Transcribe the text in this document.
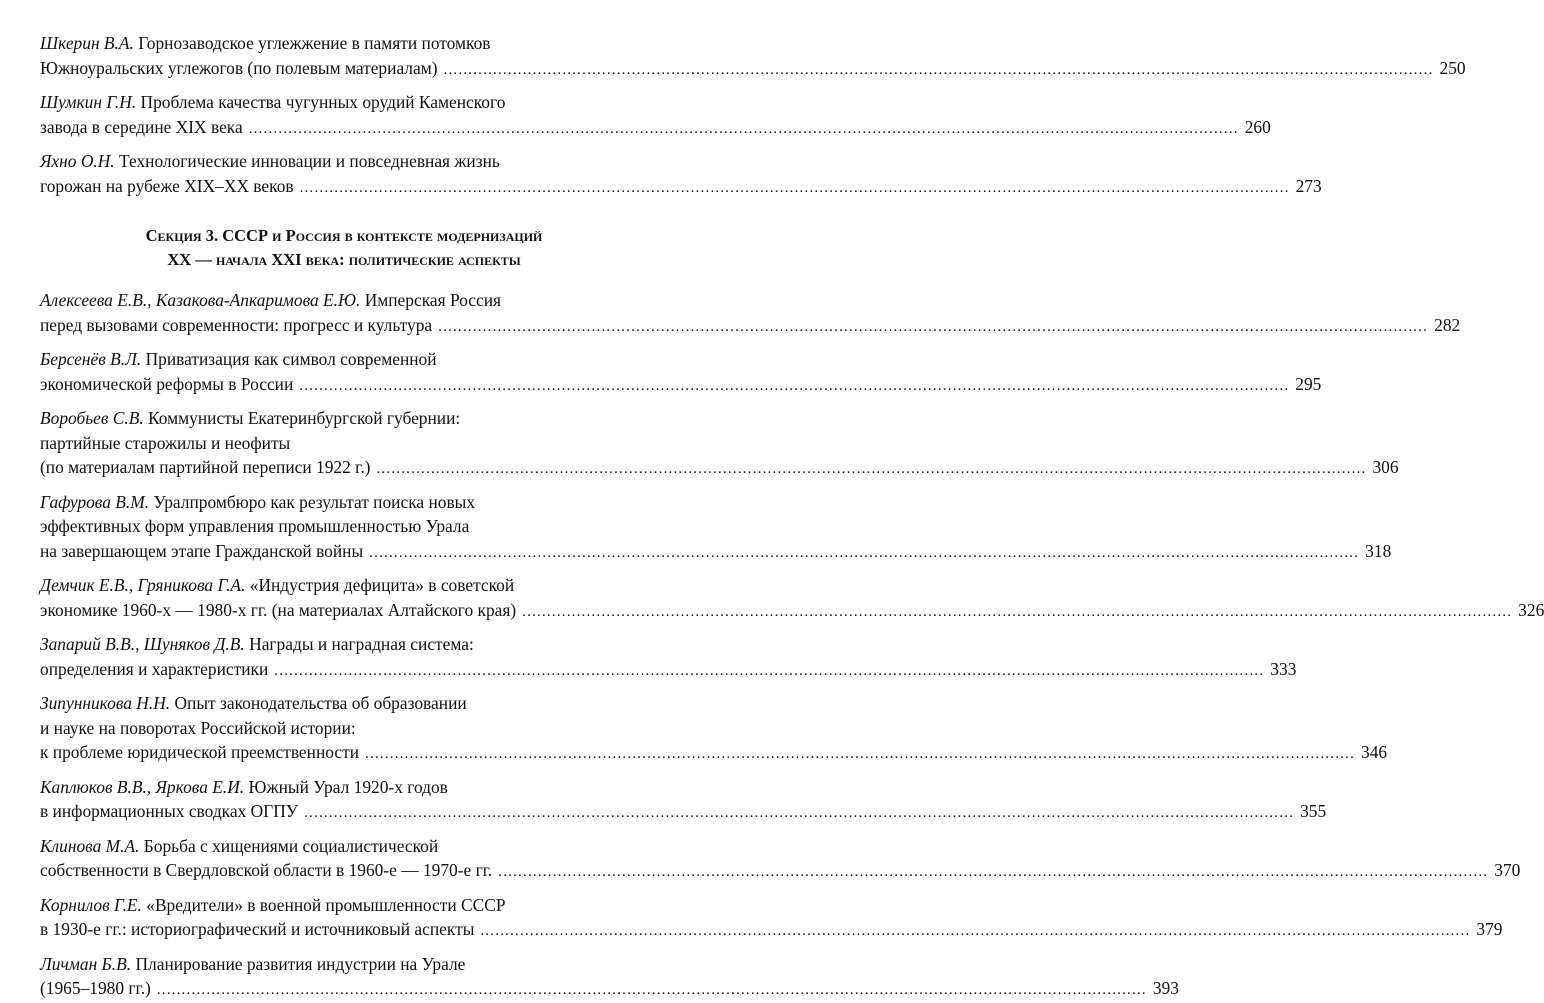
Шкерин В.А. Горнозаводское углежжение в памяти потомков
Южноуральских углежогов (по полевым материалам) ........................................................................................................................................................................................................ 250
Шумкин Г.Н. Проблема качества чугунных орудий Каменского
завода в середине XIX века ........................................................................................................................................................................................................ 260
Яхно О.Н. Технологические инновации и повседневная жизнь
горожан на рубеже XIX–XX веков ........................................................................................................................................................................................................ 273
Секция 3. СССР и Россия в контексте модернизаций
XX — начала XXI века: политические аспекты
Алексеева Е.В., Казакова-Апкаримова Е.Ю. Имперская Россия
перед вызовами современности: прогресс и культура ........................................................................................................................................................................................................ 282
Берсенёв В.Л. Приватизация как символ современной
экономической реформы в России ........................................................................................................................................................................................................ 295
Воробьев С.В. Коммунисты Екатеринбургской губернии:
партийные старожилы и неофиты
(по материалам партийной переписи 1922 г.) ........................................................................................................................................................................................................ 306
Гафурова В.М. Уралпромбюро как результат поиска новых
эффективных форм управления промышленностью Урала
на завершающем этапе Гражданской войны ........................................................................................................................................................................................................ 318
Демчик Е.В., Гряникова Г.А. «Индустрия дефицита» в советской
экономике 1960-х — 1980-х гг. (на материалах Алтайского края) ........................................................................................................................................................................................................ 326
Запарий В.В., Шуняков Д.В. Награды и наградная система:
определения и характеристики ........................................................................................................................................................................................................ 333
Зипунникова Н.Н. Опыт законодательства об образовании
и науке на поворотах Российской истории:
к проблеме юридической преемственности ........................................................................................................................................................................................................ 346
Каплюков В.В., Яркова Е.И. Южный Урал 1920-х годов
в информационных сводках ОГПУ ........................................................................................................................................................................................................ 355
Клинова М.А. Борьба с хищениями социалистической
собственности в Свердловской области в 1960-е — 1970-е гг. ........................................................................................................................................................................................................ 370
Корнилов Г.Е. «Вредители» в военной промышленности СССР
в 1930-е гг.: историографический и источниковый аспекты ........................................................................................................................................................................................................ 379
Личман Б.В. Планирование развития индустрии на Урале
(1965–1980 гг.) ........................................................................................................................................................................................................ 393
